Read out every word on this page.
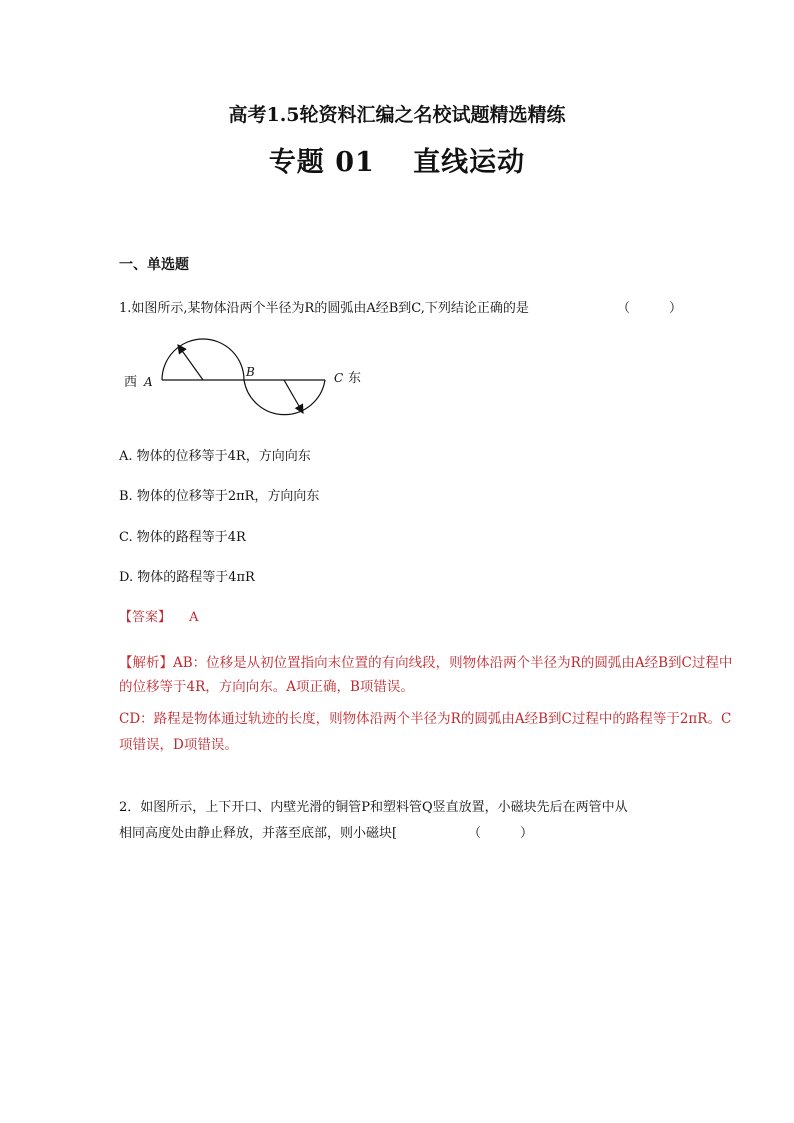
高考1.5轮资料汇编之名校试题精选精练
专题 01　 直线运动
一、单选题
1.如图所示,某物体沿两个半径为R的圆弧由A经B到C,下列结论正确的是	（　　　）
西 A
B	C 东
A. 物体的位移等于4R，方向向东
B. 物体的位移等于2πR，方向向东
C. 物体的路程等于4R
D. 物体的路程等于4πR
【答案】 A
【解析】AB：位移是从初位置指向末位置的有向线段，则物体沿两个半径为R的圆弧由A经B到C过程中
的位移等于4R，方向向东。A项正确，B项错误。
CD：路程是物体通过轨迹的长度，则物体沿两个半径为R的圆弧由A经B到C过程中的路程等于2πR。C
项错误，D项错误。
2．如图所示，上下开口、内壁光滑的铜管P和塑料管Q竖直放置，小磁块先后在两管中从
相同高度处由静止释放，并落至底部，则小磁块[	（　　　）
